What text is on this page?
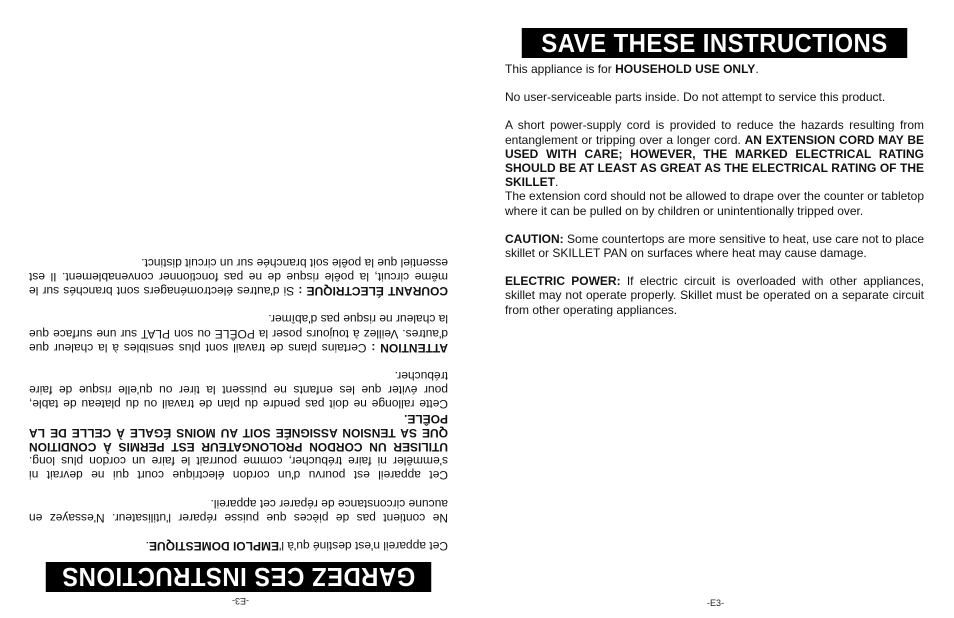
-E3-
GARDEZ CES INSTRUCTIONS

Cet appareil n'est destiné qu'à l'EMPLOI DOMESTIQUE.

Ne contient pas de pièces que puisse réparer l'utilisateur. N'essayez en aucune circonstance de réparer cet appareil.

Cet appareil est pourvu d'un cordon électrique court qui ne devrait ni s'emmêler ni faire trébucher, comme pourrait le faire un cordon plus long. UTILISER UN CORDON PROLONGATEUR EST PERMIS À CONDITION QUE SA TENSION ASSIGNÉE SOIT AU MOINS ÉGALE À CELLE DE LA POÊLE.

Cette rallonge ne doit pas pendre du plan de travail ou du plateau de table, pour éviter que les enfants ne puissent la tirer ou qu'elle risque de faire trébucher.

ATTENTION : Certains plans de travail sont plus sensibles à la chaleur que d'autres. Veillez à toujours poser la POÊLE ou son PLAT sur une surface que la chaleur ne risque pas d'abîmer.

COURANT ÉLECTRIQUE : Si d'autres électroménagers sont branchés sur le même circuit, la poêle risque de ne pas fonctionner convenablement. Il est essentiel que la poêle soit branchée sur un circuit distinct.

SAVE THESE INSTRUCTIONS

This appliance is for HOUSEHOLD USE ONLY.

No user-serviceable parts inside. Do not attempt to service this product.

A short power-supply cord is provided to reduce the hazards resulting from entanglement or tripping over a longer cord. AN EXTENSION CORD MAY BE USED WITH CARE; HOWEVER, THE MARKED ELECTRICAL RATING SHOULD BE AT LEAST AS GREAT AS THE ELECTRICAL RATING OF THE SKILLET.

The extension cord should not be allowed to drape over the counter or tabletop where it can be pulled on by children or unintentionally tripped over.

CAUTION: Some countertops are more sensitive to heat, use care not to place skillet or SKILLET PAN on surfaces where heat may cause damage.

ELECTRIC POWER: If electric circuit is overloaded with other appliances, skillet may not operate properly. Skillet must be operated on a separate circuit from other operating appliances.

-E3-
